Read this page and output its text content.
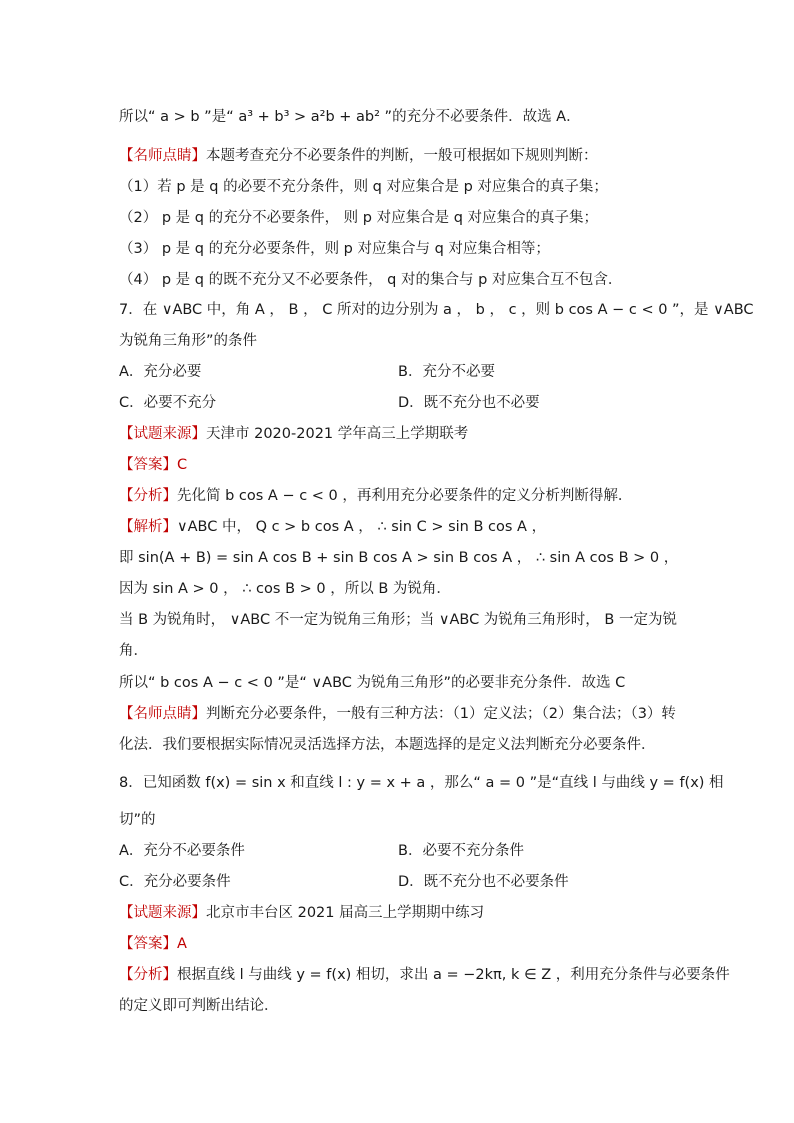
所以“ a > b ”是“ a³ + b³ > a²b + ab² ”的充分不必要条件．故选 A．
【名师点睛】本题考查充分不必要条件的判断，一般可根据如下规则判断：
（1）若 p 是 q 的必要不充分条件，则 q 对应集合是 p 对应集合的真子集；
（2） p 是 q 的充分不必要条件， 则 p 对应集合是 q 对应集合的真子集；
（3） p 是 q 的充分必要条件，则 p 对应集合与 q 对应集合相等；
（4） p 是 q 的既不充分又不必要条件， q 对的集合与 p 对应集合互不包含．
7．在 ∨ABC 中，角 A ， B ， C 所对的边分别为 a ， b ， c ，则 b cos A − c < 0 ”，是 ∨ABC
为锐角三角形”的条件
A．充分必要	B．充分不必要
C．必要不充分	D．既不充分也不必要
【试题来源】天津市 2020-2021 学年高三上学期联考
【答案】C
【分析】先化简 b cos A − c < 0 ，再利用充分必要条件的定义分析判断得解．
【解析】∨ABC 中， Q c > b cos A ， ∴ sin C > sin B cos A ，
即 sin(A + B) = sin A cos B + sin B cos A > sin B cos A ， ∴ sin A cos B > 0 ，
因为 sin A > 0 ， ∴ cos B > 0 ，所以 B 为锐角．
当 B 为锐角时， ∨ABC 不一定为锐角三角形；当 ∨ABC 为锐角三角形时， B 一定为锐
角．
所以“ b cos A − c < 0 ”是“ ∨ABC 为锐角三角形”的必要非充分条件．故选 C
【名师点睛】判断充分必要条件，一般有三种方法：（1）定义法；（2）集合法；（3）转
化法．我们要根据实际情况灵活选择方法，本题选择的是定义法判断充分必要条件．
8．已知函数 f(x) = sin x 和直线 l : y = x + a ，那么“ a = 0 ”是“直线 l 与曲线 y = f(x) 相
切”的
A．充分不必要条件	B．必要不充分条件
C．充分必要条件	D．既不充分也不必要条件
【试题来源】北京市丰台区 2021 届高三上学期期中练习
【答案】A
【分析】根据直线 l 与曲线 y = f(x) 相切，求出 a = −2kπ, k ∈ Z ，利用充分条件与必要条件
的定义即可判断出结论．
